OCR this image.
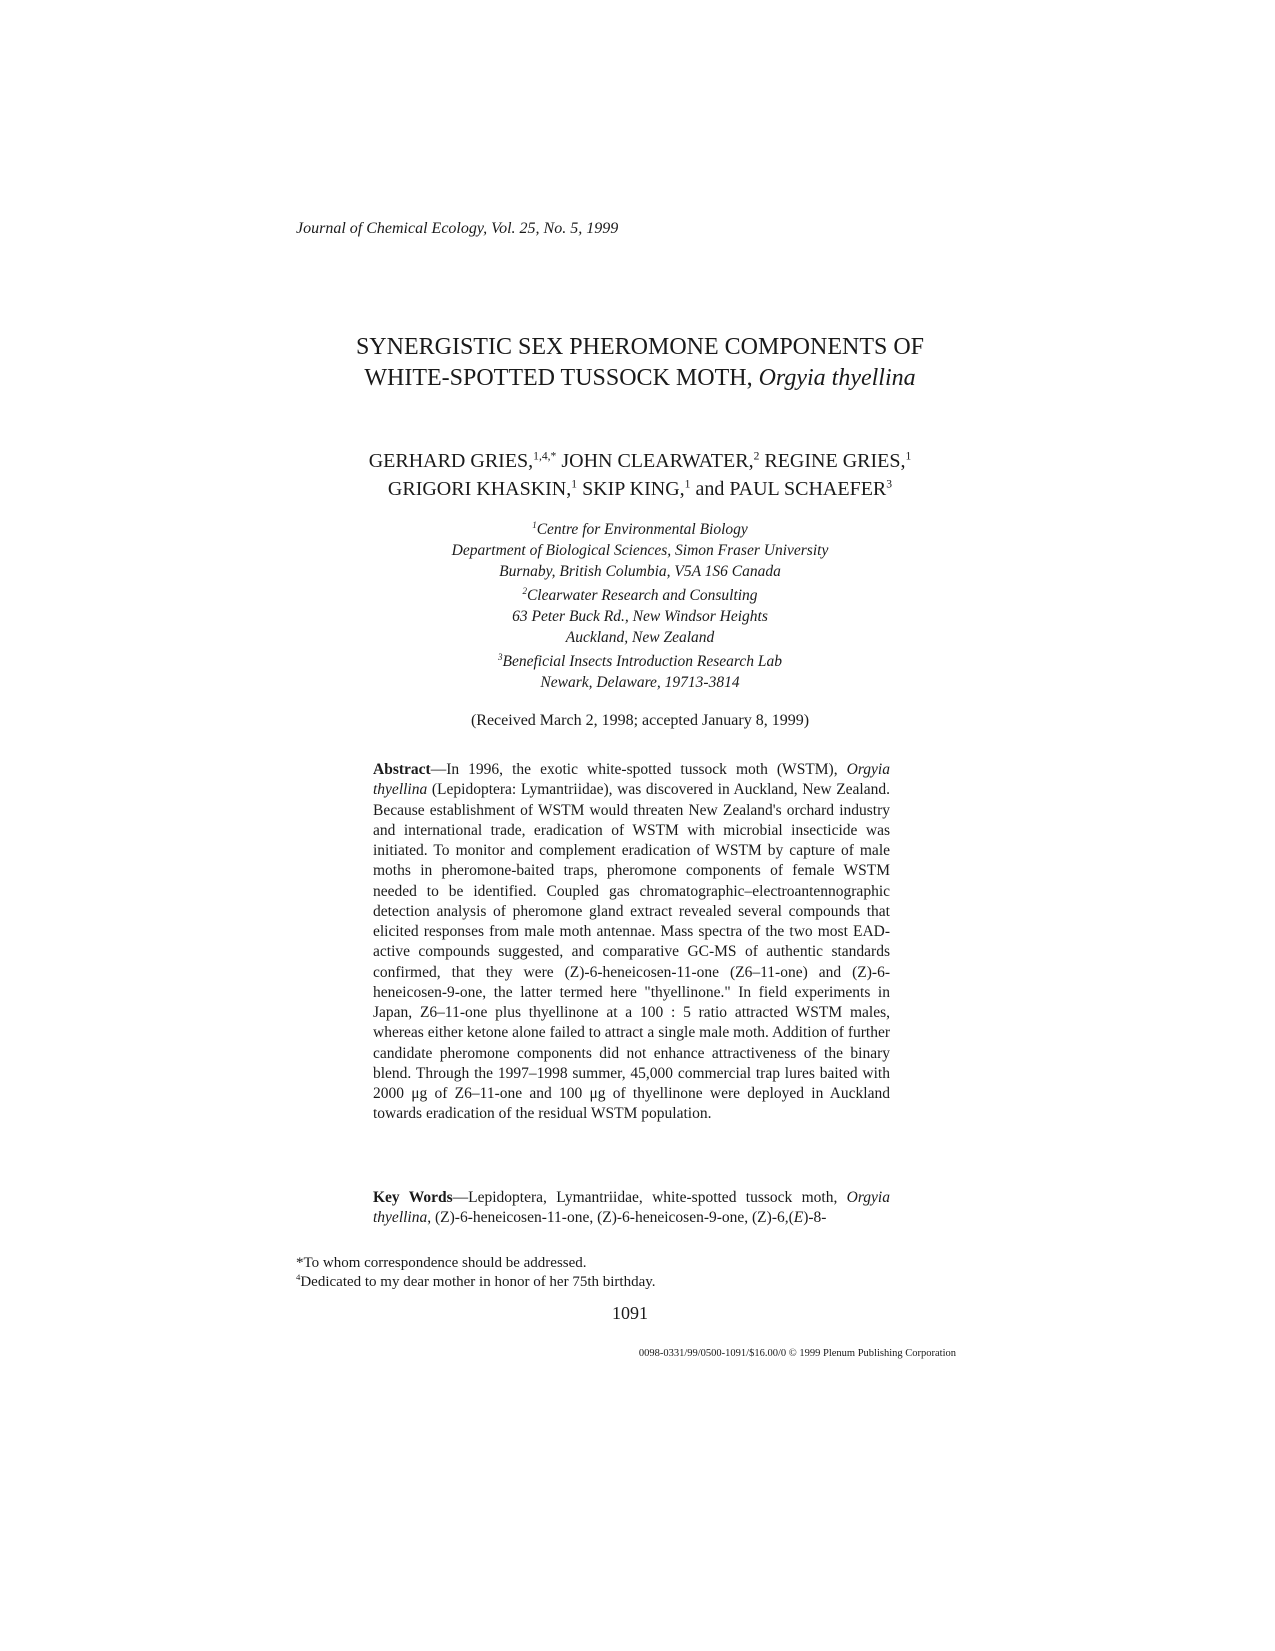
Journal of Chemical Ecology, Vol. 25, No. 5, 1999
SYNERGISTIC SEX PHEROMONE COMPONENTS OF
WHITE-SPOTTED TUSSOCK MOTH, Orgyia thyellina
GERHARD GRIES,$^{1,4,*}$ JOHN CLEARWATER,$^2$ REGINE GRIES,$^1$
GRIGORI KHASKIN,$^1$ SKIP KING,$^1$ and PAUL SCHAEFER$^3$
$^1$Centre for Environmental Biology
Department of Biological Sciences, Simon Fraser University
Burnaby, British Columbia, V5A 1S6 Canada
$^2$Clearwater Research and Consulting
63 Peter Buck Rd., New Windsor Heights
Auckland, New Zealand
$^3$Beneficial Insects Introduction Research Lab
Newark, Delaware, 19713-3814
(Received March 2, 1998; accepted January 8, 1999)
Abstract—In 1996, the exotic white-spotted tussock moth (WSTM), Orgyia thyellina (Lepidoptera: Lymantriidae), was discovered in Auckland, New Zealand. Because establishment of WSTM would threaten New Zealand's orchard industry and international trade, eradication of WSTM with microbial insecticide was initiated. To monitor and complement eradication of WSTM by capture of male moths in pheromone-baited traps, pheromone components of female WSTM needed to be identified. Coupled gas chromatographic–electroantennographic detection analysis of pheromone gland extract revealed several compounds that elicited responses from male moth antennae. Mass spectra of the two most EAD-active compounds suggested, and comparative GC-MS of authentic standards confirmed, that they were (Z)-6-heneicosen-11-one (Z6–11-one) and (Z)-6-heneicosen-9-one, the latter termed here "thyellinone." In field experiments in Japan, Z6–11-one plus thyellinone at a 100 : 5 ratio attracted WSTM males, whereas either ketone alone failed to attract a single male moth. Addition of further candidate pheromone components did not enhance attractiveness of the binary blend. Through the 1997–1998 summer, 45,000 commercial trap lures baited with 2000 μg of Z6–11-one and 100 μg of thyellinone were deployed in Auckland towards eradication of the residual WSTM population.
Key Words—Lepidoptera, Lymantriidae, white-spotted tussock moth, Orgyia thyellina, (Z)-6-heneicosen-11-one, (Z)-6-heneicosen-9-one, (Z)-6,(E)-8-
*To whom correspondence should be addressed.
$^4$Dedicated to my dear mother in honor of her 75th birthday.
1091
0098-0331/99/0500-1091/$16.00/0 © 1999 Plenum Publishing Corporation
